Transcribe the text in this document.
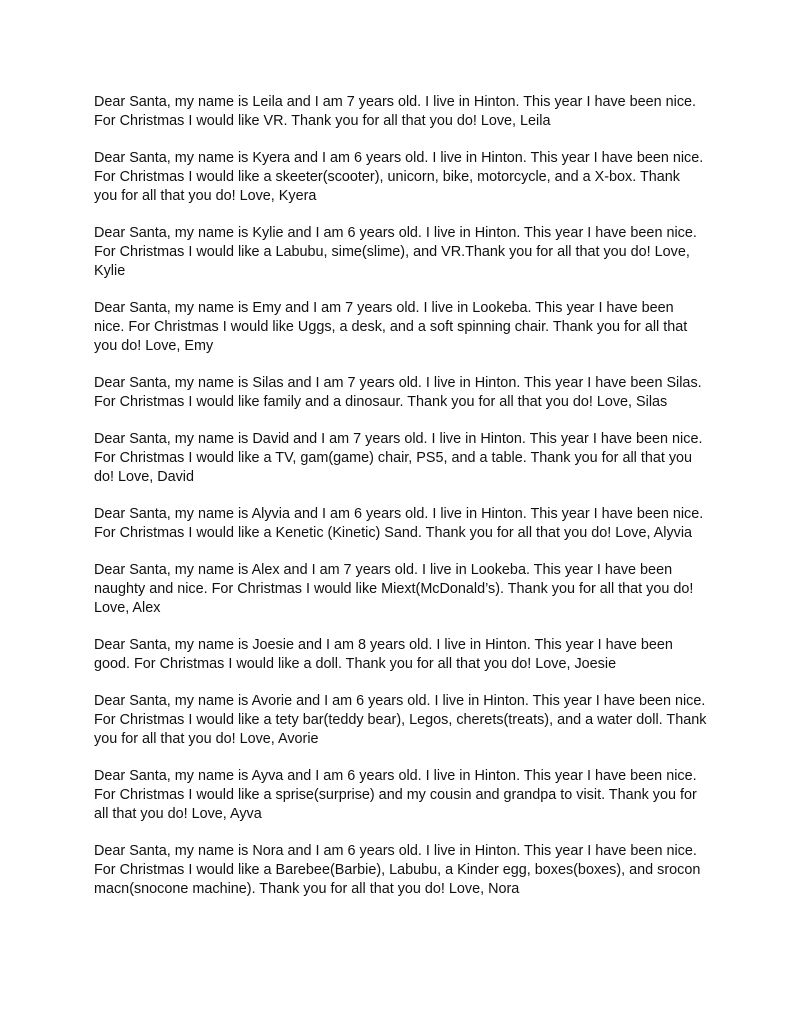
Dear Santa, my name is Leila and I am 7 years old. I live in Hinton. This year I have been nice.
For Christmas I would like VR. Thank you for all that you do! Love, Leila

Dear Santa, my name is Kyera and I am 6 years old. I live in Hinton. This year I have been nice.
For Christmas I would like a skeeter(scooter), unicorn, bike, motorcycle, and a X-box. Thank
you for all that you do! Love, Kyera

Dear Santa, my name is Kylie and I am 6 years old. I live in Hinton. This year I have been nice.
For Christmas I would like a Labubu, sime(slime), and VR.Thank you for all that you do! Love,
Kylie

Dear Santa, my name is Emy and I am 7 years old. I live in Lookeba. This year I have been
nice. For Christmas I would like Uggs, a desk, and a soft spinning chair. Thank you for all that
you do! Love, Emy

Dear Santa, my name is Silas and I am 7 years old. I live in Hinton. This year I have been Silas.
For Christmas I would like family and a dinosaur. Thank you for all that you do! Love, Silas

Dear Santa, my name is David and I am 7 years old. I live in Hinton. This year I have been nice.
For Christmas I would like a TV, gam(game) chair, PS5, and a table. Thank you for all that you
do! Love, David

Dear Santa, my name is Alyvia and I am 6 years old. I live in Hinton. This year I have been nice.
For Christmas I would like a Kenetic (Kinetic) Sand. Thank you for all that you do! Love, Alyvia

Dear Santa, my name is Alex and I am 7 years old. I live in Lookeba. This year I have been
naughty and nice. For Christmas I would like Miext(McDonald’s). Thank you for all that you do!
Love, Alex

Dear Santa, my name is Joesie and I am 8 years old. I live in Hinton. This year I have been
good. For Christmas I would like a doll. Thank you for all that you do! Love, Joesie

Dear Santa, my name is Avorie and I am 6 years old. I live in Hinton. This year I have been nice.
For Christmas I would like a tety bar(teddy bear), Legos, cherets(treats), and a water doll. Thank
you for all that you do! Love, Avorie

Dear Santa, my name is Ayva and I am 6 years old. I live in Hinton. This year I have been nice.
For Christmas I would like a sprise(surprise) and my cousin and grandpa to visit. Thank you for
all that you do! Love, Ayva

Dear Santa, my name is Nora and I am 6 years old. I live in Hinton. This year I have been nice.
For Christmas I would like a Barebee(Barbie), Labubu, a Kinder egg, boxes(boxes), and srocon
macn(snocone machine). Thank you for all that you do! Love, Nora
